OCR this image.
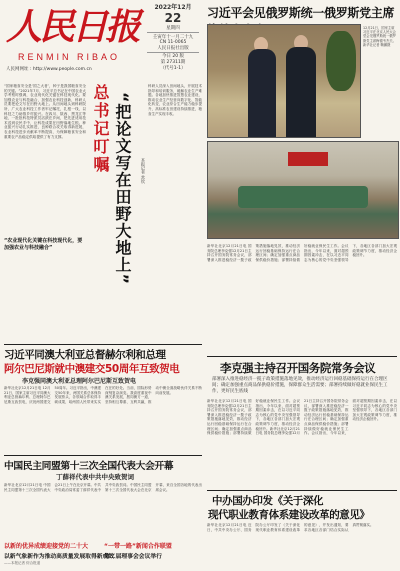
人民日报
RENMIN RIBAO
人民网网址 : http://www.people.com.cn
2022年12月
22
星期四
壬寅年十一月二十九
CN 11-0065
人民日报社出版
今日 20 版
第 27311期
（代号1-1）
习近平会见俄罗斯统一俄罗斯党主席
12月21日，国家主席习近平在北京人民大会堂会见俄罗斯统一俄罗斯党主席梅德韦杰夫。新华社记者 鞠鹏摄
新华社北京12月21日电 国务院总理李克强12月21日主持召开国务院常务会议，部署深入推进稳经济一揽子政策措施落地见效，推动经济运行回稳基础保持运行在合理区间；确定加强重点商品保供稳价措施；部署持续做好稳就业保民生工作。会议指出，今年以来，面对超预期因素冲击，在以习近平同志为核心的党中央坚强领导下，各地区各部门加大宏观政策调节力度，推动经济企稳回升。
“国家粮食安全是‘国之大者’，种子是我国粮食安全的关键。”2021年7月，习近平总书记在中国农业大学考察时强调，农业现代化关键在科技现代化。要加强农业与科技融合，加强农业科技创新，科研人员要把论文写在田野大地上。从田间地头到科研院所，广大农业科技工作者牢记嘱托，扎根一线，以科技之力助推乡村振兴。在四川、陕西、黑龙江等地，一批批科技特派员活跃在乡间，把先进适用技术送到农民手中，让科技成果在田野落地生根。种业振兴行动扎实推进，良种联合攻关取得新进展，农业科技进步贡献率不断提高，为保障粮食安全和重要农产品稳定供给提供了有力支撑。
“农业现代化关键在科技现代化，要加强农业与科技融合”
总书记叮嘱 “把论文写在田野大地上”	本报记者 常钦
科研人员深入田间地头，开展技术指导和培训服务，破解农业生产难题。各地加快推进智慧农业建设，推动农业生产经营向数字化、智能化转变，农业综合生产能力稳步提升，高标准农田建设持续推进，粮食生产实现丰收。
习近平同澳大利亚总督赫尔利和总理
阿尔巴尼斯就中澳建交50周年互致贺电
李克强同澳大利亚总理阿尔巴尼斯互致贺电
新华社北京12月21日电 12月21日，国家主席习近平同澳大利亚总督赫尔利、总理阿尔巴尼斯互致贺电，庆祝两国建交50周年。习近平指出，中澳建交50年来，两国关系总体保持发展势头，各领域合作取得丰硕成果，给两国人民带来实实在在的好处。当前，国际形势深刻复杂演变。我高度重视中澳关系发展，愿同澳方一道，坚持相互尊重、互利共赢，推动中澳全面战略伙伴关系不断向前发展。
李克强主持召开国务院常务会议
部署深入推进稳经济一揽子政策措施落地见效，推动经济运行回稳基础保持运行在合理区间；确定加强重点商品保供稳价措施，保障群众生活需要；部署持续做好稳就业保民生工作，更好民生底线
新华社北京12月21日电 国务院总理李克强12月21日主持召开国务院常务会议，部署深入推进稳经济一揽子政策措施落地见效，推动经济运行回稳基础保持运行在合理区间；确定加强重点商品保供稳价措施；部署持续做好稳就业保民生工作。会议指出，今年以来，面对超预期因素冲击，在以习近平同志为核心的党中央坚强领导下，各地区各部门加大宏观政策调节力度，推动经济企稳回升。新华社北京12月21日电 国务院总理李克强12月21日主持召开国务院常务会议，部署深入推进稳经济一揽子政策措施落地见效，推动经济运行回稳基础保持运行在合理区间；确定加强重点商品保供稳价措施；部署持续做好稳就业保民生工作。会议指出，今年以来，面对超预期因素冲击，在以习近平同志为核心的党中央坚强领导下，各地区各部门加大宏观政策调节力度，推动经济企稳回升。
中国民主同盟第十三次全国代表大会开幕
丁薛祥代表中共中央致贺词
新华社北京12月21日电 中国民主同盟第十三次全国代表大会21日上午在北京开幕。中共中央政治局常委丁薛祥代表中共中央致贺词。中国民主同盟第十三次全国代表大会在北京开幕，来自全国各地的代表出席会议。
以新的优异成绩迎接党的二十大
以新气象新作为推动高质量发展取得新成效
“一带一路”新闻合作联盟
第二届理事会会议举行
——本报记者 综合报道
中办国办印发《关于深化
现代职业教育体系建设改革的意见》
新华社北京12月21日电 近日，中共中央办公厅、国务院办公厅印发了《关于深化现代职业教育体系建设改革的意见》，并发出通知，要求各地区各部门结合实际认真贯彻落实。
